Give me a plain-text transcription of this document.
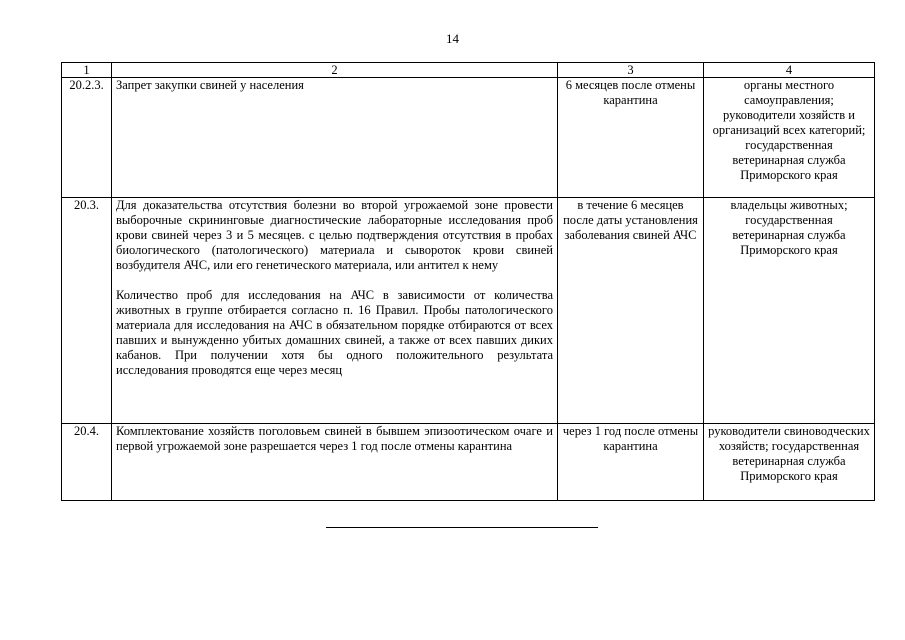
14
1	2	3	4
20.2.3.	Запрет закупки свиней у населения	6 месяцев после отмены карантина	органы местного самоуправления; руководители хозяйств и организаций всех категорий; государственная ветеринарная служба Приморского края
20.3.	Для доказательства отсутствия болезни во второй угрожаемой зоне провести выборочные скрининговые диагностические лабораторные исследования проб крови свиней через 3 и 5 месяцев. с целью подтверждения отсутствия в пробах биологического (патологического) материала и сывороток крови свиней возбудителя АЧС, или его генетического материала, или антител к нему

Количество проб для исследования на АЧС в зависимости от количества животных в группе отбирается согласно п. 16 Правил. Пробы патологического материала для исследования на АЧС в обязательном порядке отбираются от всех павших и вынужденно убитых домашних свиней, а также от всех павших диких кабанов. При получении хотя бы одного положительного результата исследования проводятся еще через месяц	в течение 6 месяцев после даты установления заболевания свиней АЧС	владельцы животных; государственная ветеринарная служба Приморского края
20.4.	Комплектование хозяйств поголовьем свиней в бывшем эпизоотическом очаге и первой угрожаемой зоне разрешается через 1 год после отмены карантина	через 1 год после отмены карантина	руководители свиноводческих хозяйств; государственная ветеринарная служба Приморского края
